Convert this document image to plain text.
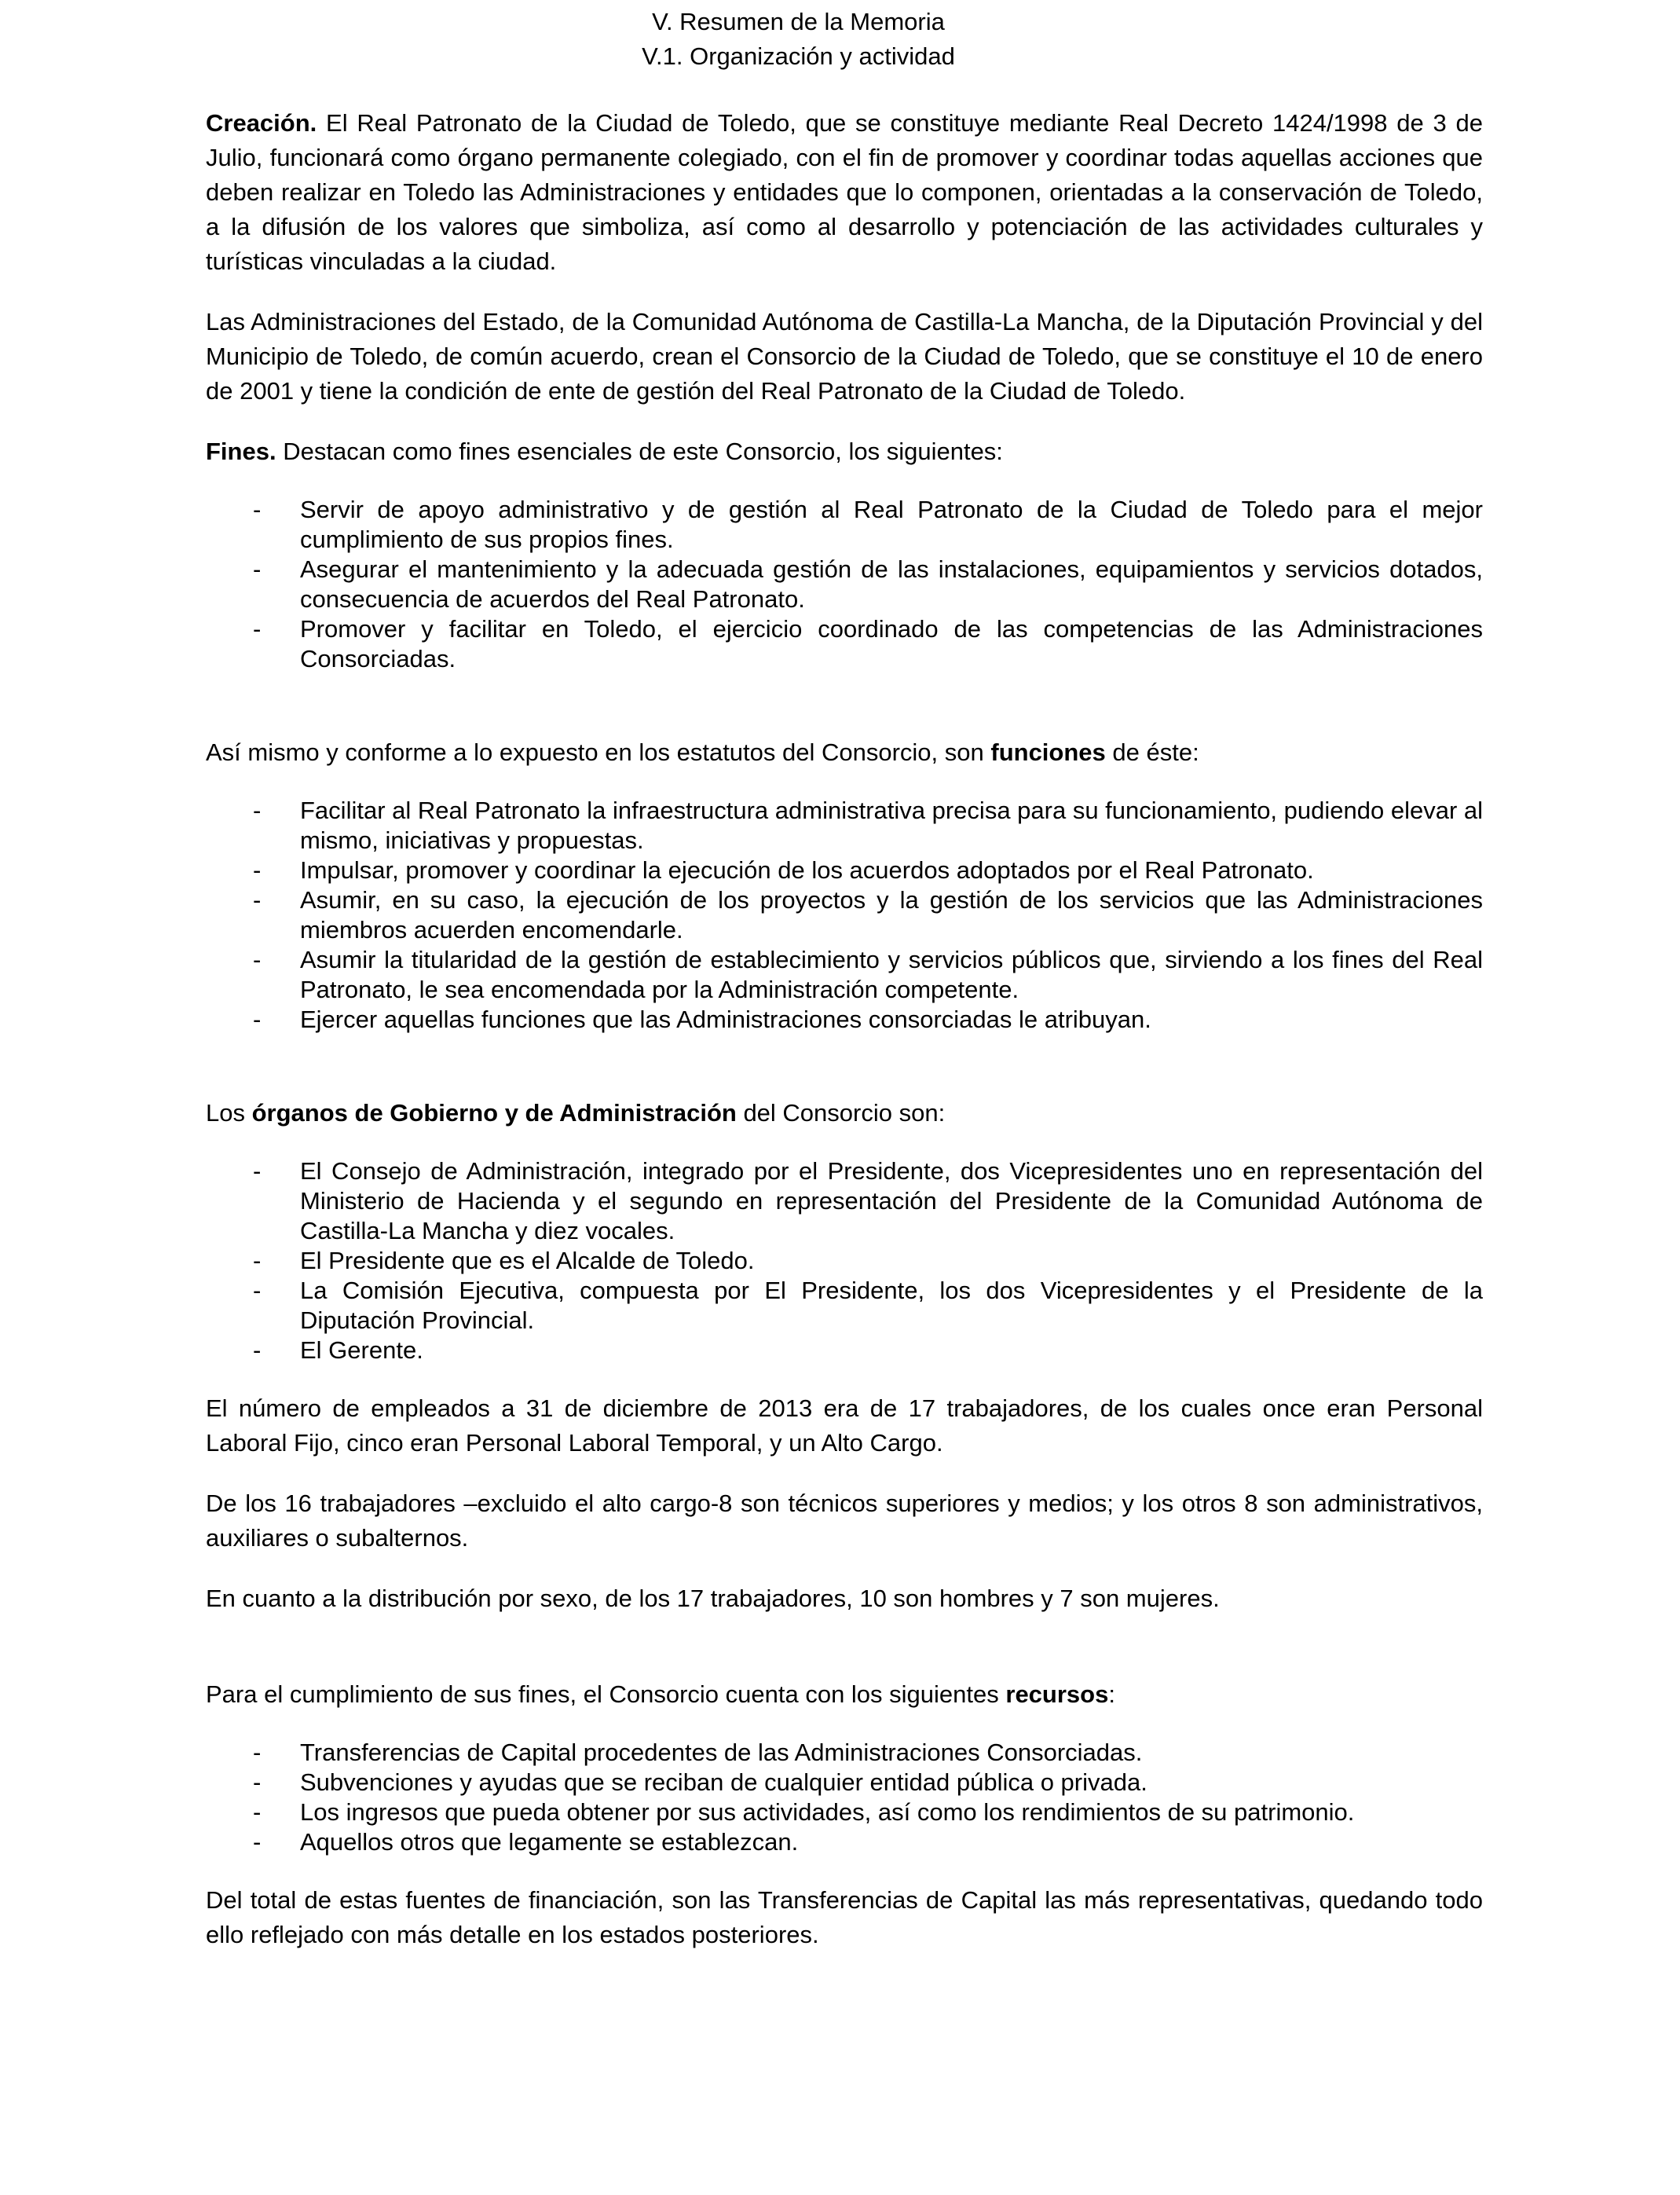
V. Resumen de la Memoria
V.1. Organización y actividad

Creación. El Real Patronato de la Ciudad de Toledo, que se constituye mediante Real Decreto 1424/1998 de 3 de Julio, funcionará como órgano permanente colegiado, con el fin de promover y coordinar todas aquellas acciones que deben realizar en Toledo las Administraciones y entidades que lo componen, orientadas a la conservación de Toledo, a la difusión de los valores que simboliza, así como al desarrollo y potenciación de las actividades culturales y turísticas vinculadas a la ciudad.

Las Administraciones del Estado, de la Comunidad Autónoma de Castilla-La Mancha, de la Diputación Provincial y del Municipio de Toledo, de común acuerdo, crean el Consorcio de la Ciudad de Toledo, que se constituye el 10 de enero de 2001 y tiene la condición de ente de gestión del Real Patronato de la Ciudad de Toledo.

Fines. Destacan como fines esenciales de este Consorcio, los siguientes:

- Servir de apoyo administrativo y de gestión al Real Patronato de la Ciudad de Toledo para el mejor cumplimiento de sus propios fines.
- Asegurar el mantenimiento y la adecuada gestión de las instalaciones, equipamientos y servicios dotados, consecuencia de acuerdos del Real Patronato.
- Promover y facilitar en Toledo, el ejercicio coordinado de las competencias de las Administraciones Consorciadas.

Así mismo y conforme a lo expuesto en los estatutos del Consorcio, son funciones de éste:

- Facilitar al Real Patronato la infraestructura administrativa precisa para su funcionamiento, pudiendo elevar al mismo, iniciativas y propuestas.
- Impulsar, promover y coordinar la ejecución de los acuerdos adoptados por el Real Patronato.
- Asumir, en su caso, la ejecución de los proyectos y la gestión de los servicios que las Administraciones miembros acuerden encomendarle.
- Asumir la titularidad de la gestión de establecimiento y servicios públicos que, sirviendo a los fines del Real Patronato, le sea encomendada por la Administración competente.
- Ejercer aquellas funciones que las Administraciones consorciadas le atribuyan.

Los órganos de Gobierno y de Administración del Consorcio son:

- El Consejo de Administración, integrado por el Presidente, dos Vicepresidentes uno en representación del Ministerio de Hacienda y el segundo en representación del Presidente de la Comunidad Autónoma de Castilla-La Mancha y diez vocales.
- El Presidente que es el Alcalde de Toledo.
- La Comisión Ejecutiva, compuesta por El Presidente, los dos Vicepresidentes y el Presidente de la Diputación Provincial.
- El Gerente.

El número de empleados a 31 de diciembre de 2013 era de 17 trabajadores, de los cuales once eran Personal Laboral Fijo, cinco eran Personal Laboral Temporal, y un Alto Cargo.

De los 16 trabajadores –excluido el alto cargo-8 son técnicos superiores y medios; y los otros 8 son administrativos, auxiliares o subalternos.

En cuanto a la distribución por sexo, de los 17 trabajadores, 10 son hombres y 7 son mujeres.

Para el cumplimiento de sus fines, el Consorcio cuenta con los siguientes recursos:

- Transferencias de Capital procedentes de las Administraciones Consorciadas.
- Subvenciones y ayudas que se reciban de cualquier entidad pública o privada.
- Los ingresos que pueda obtener por sus actividades, así como los rendimientos de su patrimonio.
- Aquellos otros que legamente se establezcan.

Del total de estas fuentes de financiación, son las Transferencias de Capital las más representativas, quedando todo ello reflejado con más detalle en los estados posteriores.
